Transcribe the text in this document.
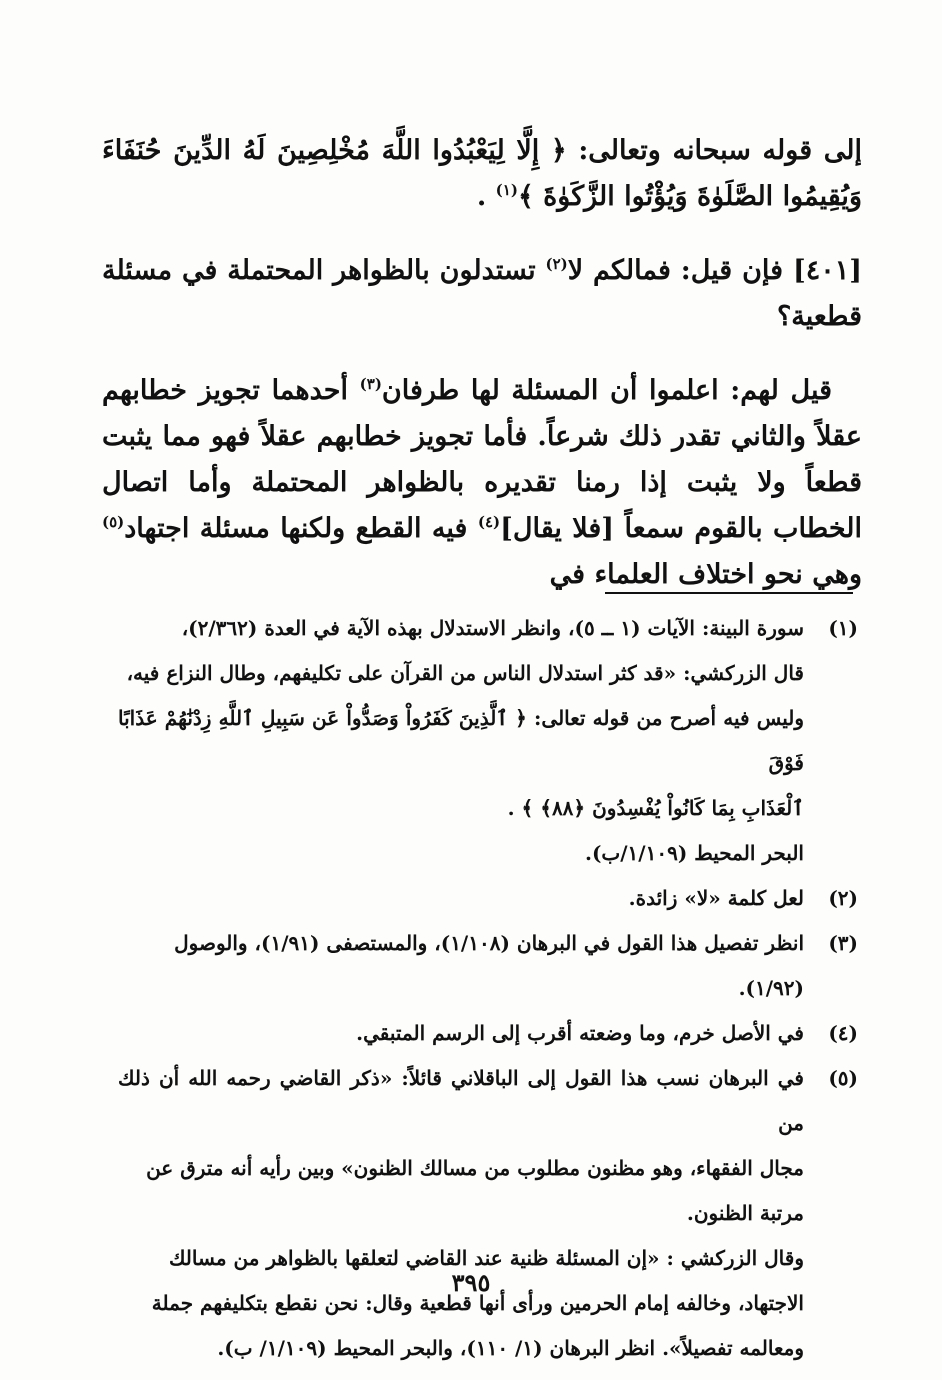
إلى قوله سبحانه وتعالى: ﴿ إِلَّا لِيَعْبُدُوا اللَّهَ مُخْلِصِينَ لَهُ الدِّينَ حُنَفَاءَ وَيُقِيمُوا الصَّلَوٰةَ وَيُؤْتُوا الزَّكَوٰةَ ﴾$^{(١)}$ .
[٤٠١] فإن قيل: فمالكم لا$^{(٢)}$ تستدلون بالظواهر المحتملة في مسئلة قطعية؟
قيل لهم: اعلموا أن المسئلة لها طرفان$^{(٣)}$ أحدهما تجويز خطابهم عقلاً والثاني تقدر ذلك شرعاً. فأما تجويز خطابهم عقلاً فهو مما يثبت قطعاً ولا يثبت إذا رمنا تقديره بالظواهر المحتملة وأما اتصال الخطاب بالقوم سمعاً [فلا يقال]$^{(٤)}$ فيه القطع ولكنها مسئلة اجتهاد$^{(٥)}$ وهي نحو اختلاف العلماء في
(١)
سورة البينة: الآيات (١ ــ ٥)، وانظر الاستدلال بهذه الآية في العدة (٢/٣٦٢)،
قال الزركشي: «قد كثر استدلال الناس من القرآن على تكليفهم، وطال النزاع فيه،
وليس فيه أصرح من قوله تعالى: ﴿ ٱلَّذِينَ كَفَرُواْ وَصَدُّواْ عَن سَبِيلِ ٱللَّهِ زِدْنَٰهُمْ عَذَابًا فَوْقَ
ٱلْعَذَابِ بِمَا كَانُواْ يُفْسِدُونَ ﴿٨٨﴾ ﴾ .
البحر المحيط (١/١٠٩/ب).
(٢)
لعل كلمة «لا» زائدة.
(٣)
انظر تفصيل هذا القول في البرهان (١/١٠٨)، والمستصفى (١/٩١)، والوصول
(١/٩٢).
(٤)
في الأصل خرم، وما وضعته أقرب إلى الرسم المتبقي.
(٥)
في البرهان نسب هذا القول إلى الباقلاني قائلاً: «ذكر القاضي رحمه الله أن ذلك من
مجال الفقهاء، وهو مظنون مطلوب من مسالك الظنون» وبين رأيه أنه مترق عن
مرتبة الظنون.
وقال الزركشي : «إن المسئلة ظنية عند القاضي لتعلقها بالظواهر من مسالك
الاجتهاد، وخالفه إمام الحرمين ورأى أنها قطعية وقال: نحن نقطع بتكليفهم جملة
ومعالمه تفصيلاً». انظر البرهان (١/ ١١٠)، والبحر المحيط (١/١٠٩/ ب).
٣٩٥
